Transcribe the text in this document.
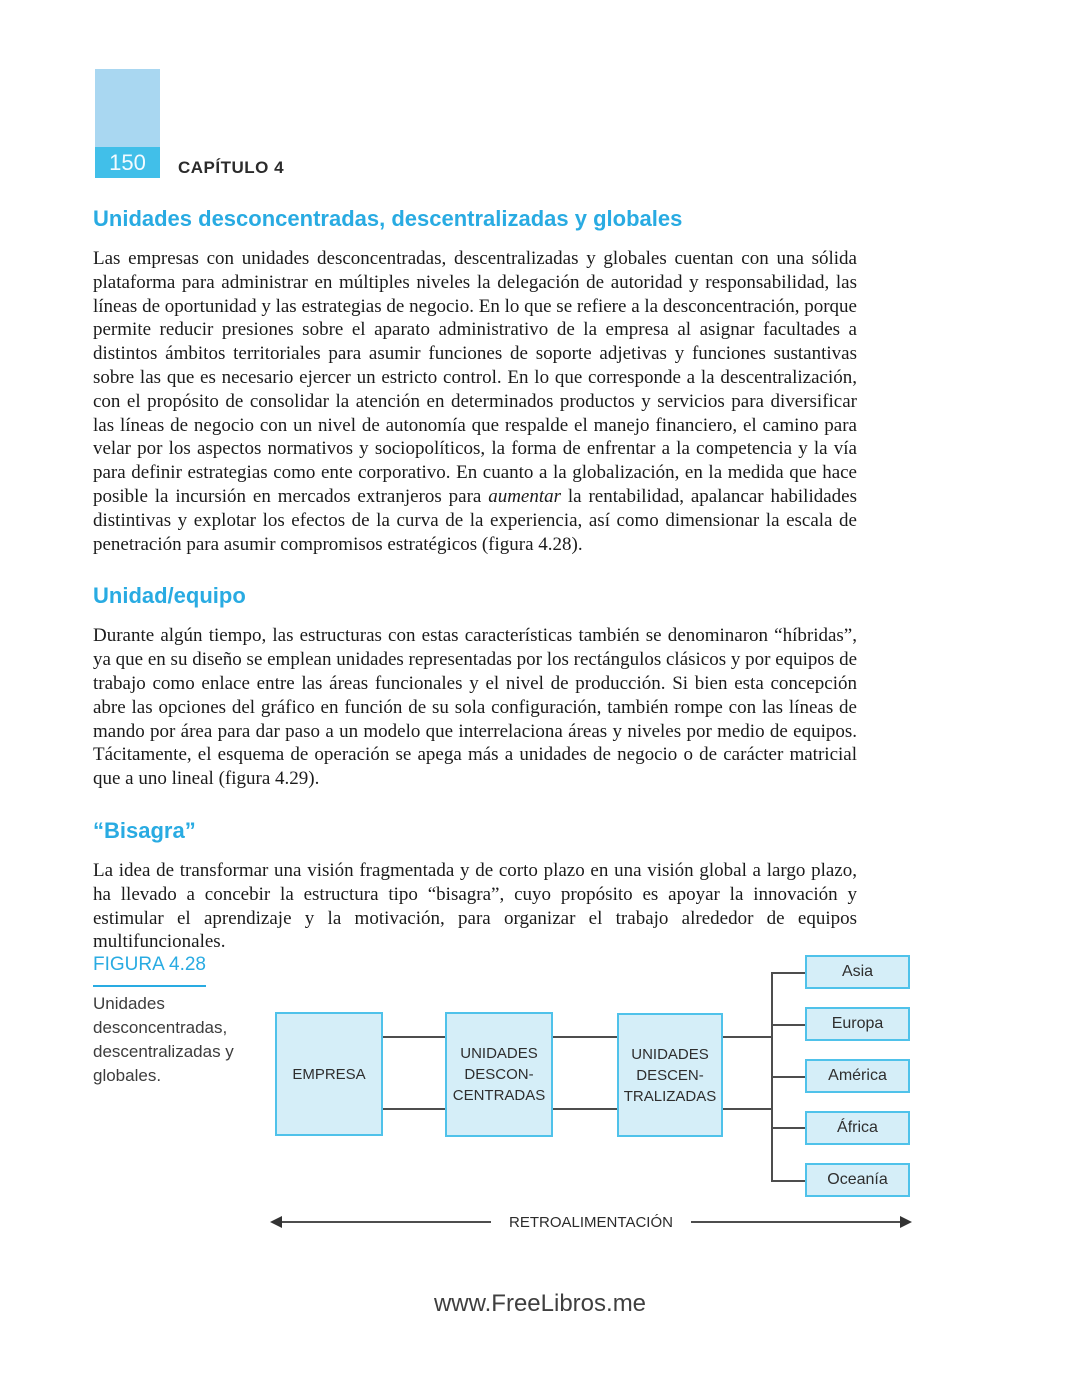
150 CAPÍTULO 4
Unidades desconcentradas, descentralizadas y globales

Las empresas con unidades desconcentradas, descentralizadas y globales cuentan con una sólida plataforma para administrar en múltiples niveles la delegación de autoridad y responsabilidad, las líneas de oportunidad y las estrategias de negocio. En lo que se refiere a la desconcentración, porque permite reducir presiones sobre el aparato administrativo de la empresa al asignar facultades a distintos ámbitos territoriales para asumir funciones de soporte adjetivas y funciones sustantivas sobre las que es necesario ejercer un estricto control. En lo que corresponde a la descentralización, con el propósito de consolidar la atención en determinados productos y servicios para diversificar las líneas de negocio con un nivel de autonomía que respalde el manejo financiero, el camino para velar por los aspectos normativos y sociopolíticos, la forma de enfrentar a la competencia y la vía para definir estrategias como ente corporativo. En cuanto a la globalización, en la medida que hace posible la incursión en mercados extranjeros para aumentar la rentabilidad, apalancar habilidades distintivas y explotar los efectos de la curva de la experiencia, así como dimensionar la escala de penetración para asumir compromisos estratégicos (figura 4.28).

Unidad/equipo

Durante algún tiempo, las estructuras con estas características también se denominaron “híbridas”, ya que en su diseño se emplean unidades representadas por los rectángulos clásicos y por equipos de trabajo como enlace entre las áreas funcionales y el nivel de producción. Si bien esta concepción abre las opciones del gráfico en función de su sola configuración, también rompe con las líneas de mando por área para dar paso a un modelo que interrelaciona áreas y niveles por medio de equipos. Tácitamente, el esquema de operación se apega más a unidades de negocio o de carácter matricial que a uno lineal (figura 4.29).

“Bisagra”

La idea de transformar una visión fragmentada y de corto plazo en una visión global a largo plazo, ha llevado a concebir la estructura tipo “bisagra”, cuyo propósito es apoyar la innovación y estimular el aprendizaje y la motivación, para organizar el trabajo alrededor de equipos multifuncionales.

FIGURA 4.28
Unidades desconcentradas, descentralizadas y globales.	EMPRESA
UNIDADES
DESCON-
CENTRADAS
UNIDADES
DESCEN-
TRALIZADAS
Asia
Europa
América
África
Oceanía
RETROALIMENTACIÓN
www.FreeLibros.me
